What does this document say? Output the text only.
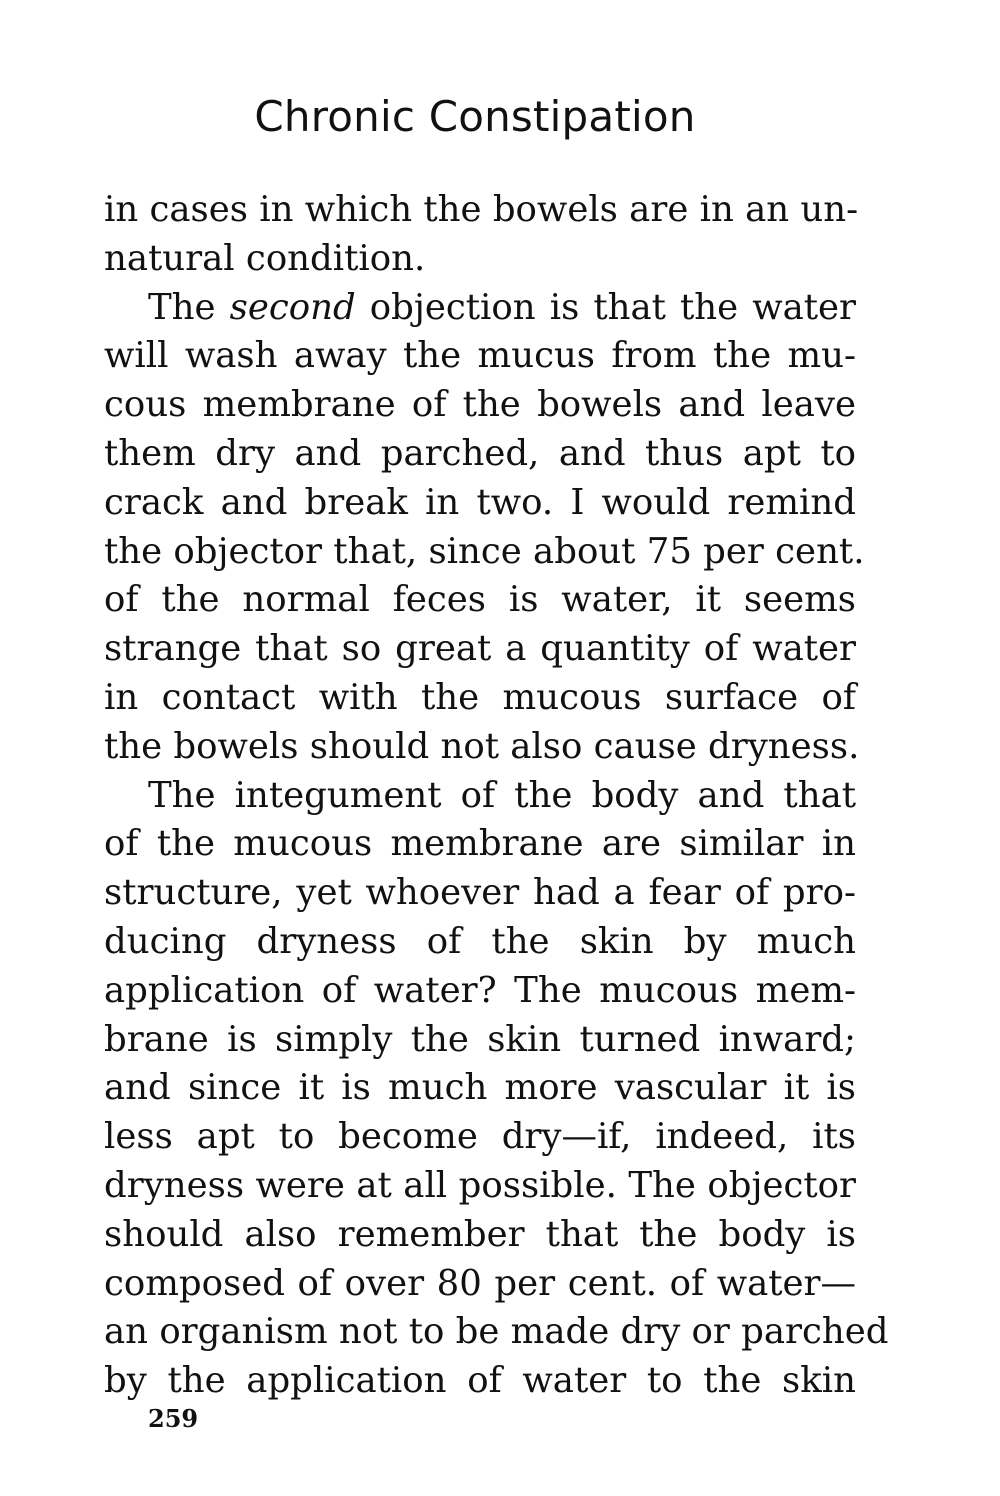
Chronic Constipation
in cases in which the bowels are in an un-
natural condition.
The second objection is that the water
will wash away the mucus from the mu-
cous membrane of the bowels and leave
them dry and parched, and thus apt to
crack and break in two. I would remind
the objector that, since about 75 per cent.
of the normal feces is water, it seems
strange that so great a quantity of water
in contact with the mucous surface of
the bowels should not also cause dryness.
The integument of the body and that
of the mucous membrane are similar in
structure, yet whoever had a fear of pro-
ducing dryness of the skin by much
application of water? The mucous mem-
brane is simply the skin turned inward;
and since it is much more vascular it is
less apt to become dry—if, indeed, its
dryness were at all possible. The objector
should also remember that the body is
composed of over 80 per cent. of water—
an organism not to be made dry or parched
by the application of water to the skin
259
